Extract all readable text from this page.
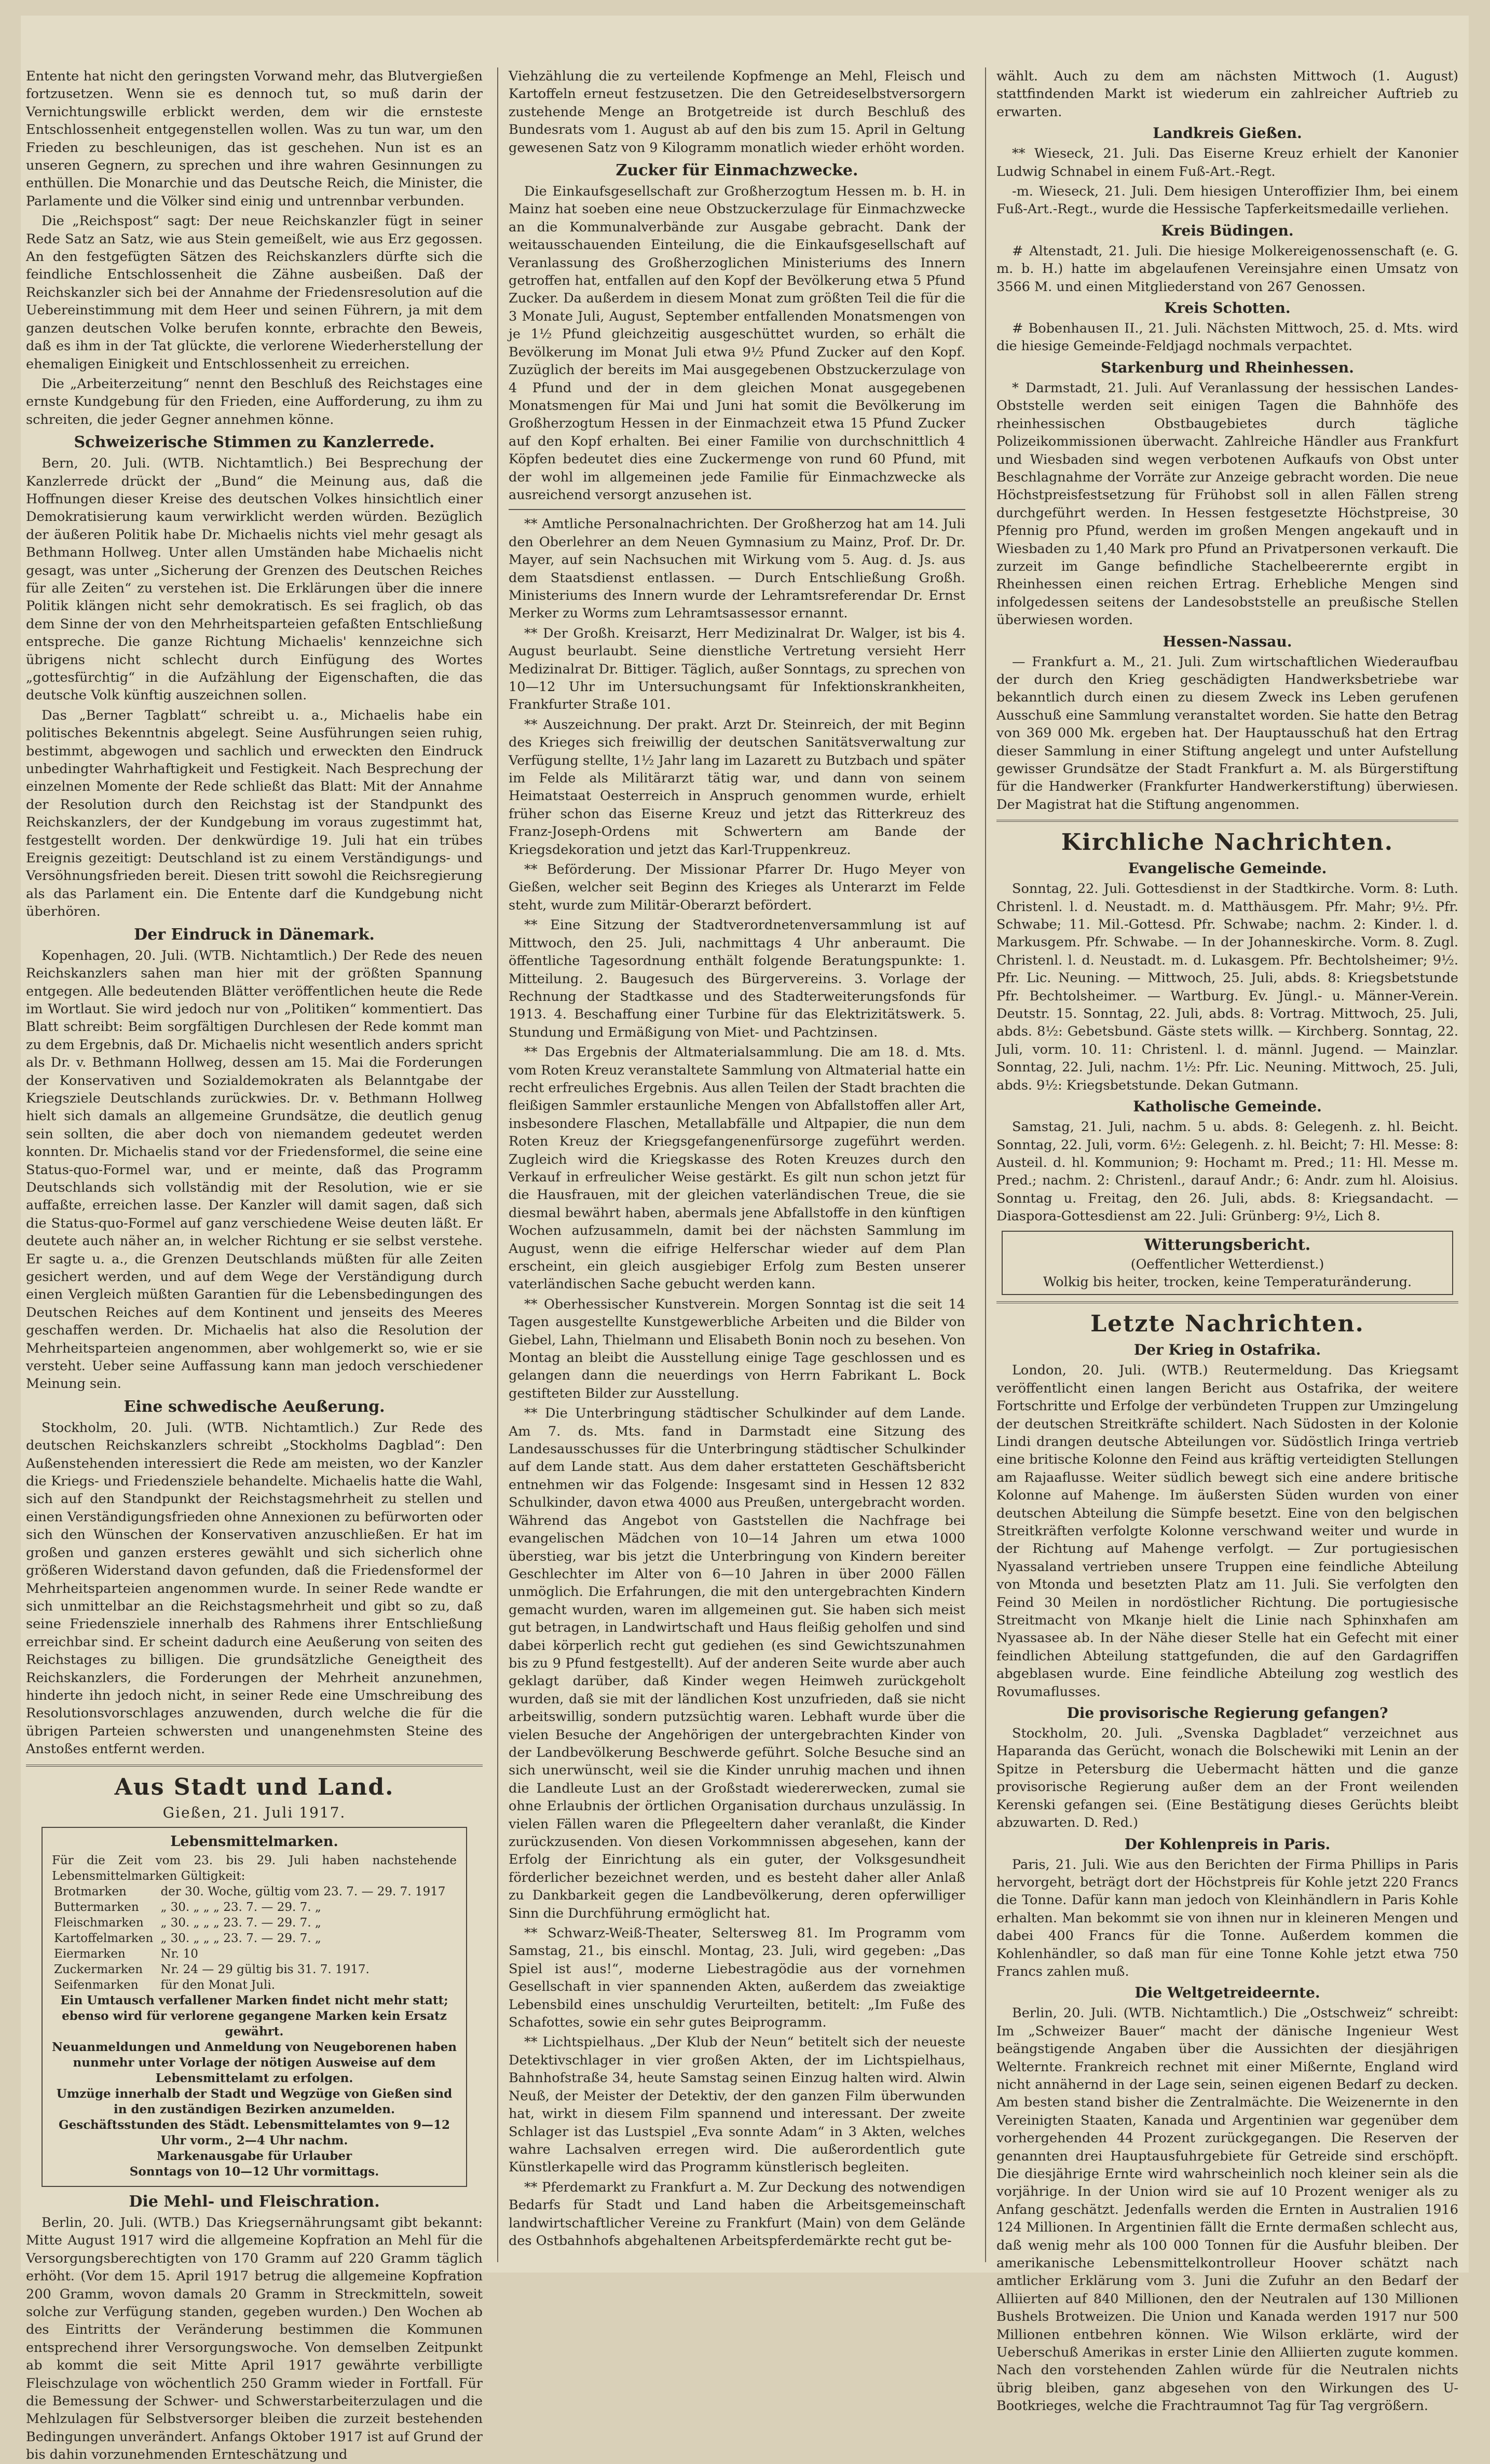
Entente hat nicht den geringsten Vorwand mehr, das Blutvergießen fortzusetzen. Wenn sie es dennoch tut, so muß darin der Vernichtungswille erblickt werden, dem wir die ernsteste Entschlossenheit entgegenstellen wollen. Was zu tun war, um den Frieden zu beschleunigen, das ist geschehen. Nun ist es an unseren Gegnern, zu sprechen und ihre wahren Gesinnungen zu enthüllen. Die Monarchie und das Deutsche Reich, die Minister, die Parlamente und die Völker sind einig und untrennbar verbunden.

Die „Reichspost“ sagt: Der neue Reichskanzler fügt in seiner Rede Satz an Satz, wie aus Stein gemeißelt, wie aus Erz gegossen. An den festgefügten Sätzen des Reichskanzlers dürfte sich die feindliche Entschlossenheit die Zähne ausbeißen. Daß der Reichskanzler sich bei der Annahme der Friedensresolution auf die Uebereinstimmung mit dem Heer und seinen Führern, ja mit dem ganzen deutschen Volke berufen konnte, erbrachte den Beweis, daß es ihm in der Tat glückte, die verlorene Wiederherstellung der ehemaligen Einigkeit und Entschlossenheit zu erreichen.

Die „Arbeiterzeitung“ nennt den Beschluß des Reichstages eine ernste Kundgebung für den Frieden, eine Aufforderung, zu ihm zu schreiten, die jeder Gegner annehmen könne.

Schweizerische Stimmen zu Kanzlerrede.

Bern, 20. Juli. (WTB. Nichtamtlich.) Bei Besprechung der Kanzlerrede drückt der „Bund“ die Meinung aus, daß die Hoffnungen dieser Kreise des deutschen Volkes hinsichtlich einer Demokratisierung kaum verwirklicht werden würden. Bezüglich der äußeren Politik habe Dr. Michaelis nichts viel mehr gesagt als Bethmann Hollweg. Unter allen Umständen habe Michaelis nicht gesagt, was unter „Sicherung der Grenzen des Deutschen Reiches für alle Zeiten“ zu verstehen ist. Die Erklärungen über die innere Politik klängen nicht sehr demokratisch. Es sei fraglich, ob das dem Sinne der von den Mehrheitsparteien gefaßten Entschließung entspreche. Die ganze Richtung Michaelis' kennzeichne sich übrigens nicht schlecht durch Einfügung des Wortes „gottesfürchtig“ in die Aufzählung der Eigenschaften, die das deutsche Volk künftig auszeichnen sollen.

Das „Berner Tagblatt“ schreibt u. a., Michaelis habe ein politisches Bekenntnis abgelegt. Seine Ausführungen seien ruhig, bestimmt, abgewogen und sachlich und erweckten den Eindruck unbedingter Wahrhaftigkeit und Festigkeit. Nach Besprechung der einzelnen Momente der Rede schließt das Blatt: Mit der Annahme der Resolution durch den Reichstag ist der Standpunkt des Reichskanzlers, der der Kundgebung im voraus zugestimmt hat, festgestellt worden. Der denkwürdige 19. Juli hat ein trübes Ereignis gezeitigt: Deutschland ist zu einem Verständigungs- und Versöhnungsfrieden bereit. Diesen tritt sowohl die Reichsregierung als das Parlament ein. Die Entente darf die Kundgebung nicht überhören.

Der Eindruck in Dänemark.

Kopenhagen, 20. Juli. (WTB. Nichtamtlich.) Der Rede des neuen Reichskanzlers sahen man hier mit der größten Spannung entgegen. Alle bedeutenden Blätter veröffentlichen heute die Rede im Wortlaut. Sie wird jedoch nur von „Politiken“ kommentiert. Das Blatt schreibt: Beim sorgfältigen Durchlesen der Rede kommt man zu dem Ergebnis, daß Dr. Michaelis nicht wesentlich anders spricht als Dr. v. Bethmann Hollweg, dessen am 15. Mai die Forderungen der Konservativen und Sozialdemokraten als Belanntgabe der Kriegsziele Deutschlands zurückwies. Dr. v. Bethmann Hollweg hielt sich damals an allgemeine Grundsätze, die deutlich genug sein sollten, die aber doch von niemandem gedeutet werden konnten. Dr. Michaelis stand vor der Friedensformel, die seine eine Status-quo-Formel war, und er meinte, daß das Programm Deutschlands sich vollständig mit der Resolution, wie er sie auffaßte, erreichen lasse. Der Kanzler will damit sagen, daß sich die Status-quo-Formel auf ganz verschiedene Weise deuten läßt. Er deutete auch näher an, in welcher Richtung er sie selbst verstehe. Er sagte u. a., die Grenzen Deutschlands müßten für alle Zeiten gesichert werden, und auf dem Wege der Verständigung durch einen Vergleich müßten Garantien für die Lebensbedingungen des Deutschen Reiches auf dem Kontinent und jenseits des Meeres geschaffen werden. Dr. Michaelis hat also die Resolution der Mehrheitsparteien angenommen, aber wohlgemerkt so, wie er sie versteht. Ueber seine Auffassung kann man jedoch verschiedener Meinung sein.

Eine schwedische Aeußerung.

Stockholm, 20. Juli. (WTB. Nichtamtlich.) Zur Rede des deutschen Reichskanzlers schreibt „Stockholms Dagblad“: Den Außenstehenden interessiert die Rede am meisten, wo der Kanzler die Kriegs- und Friedensziele behandelte. Michaelis hatte die Wahl, sich auf den Standpunkt der Reichstagsmehrheit zu stellen und einen Verständigungsfrieden ohne Annexionen zu befürworten oder sich den Wünschen der Konservativen anzuschließen. Er hat im großen und ganzen ersteres gewählt und sich sicherlich ohne größeren Widerstand davon gefunden, daß die Friedensformel der Mehrheitsparteien angenommen wurde. In seiner Rede wandte er sich unmittelbar an die Reichstagsmehrheit und gibt so zu, daß seine Friedensziele innerhalb des Rahmens ihrer Entschließung erreichbar sind. Er scheint dadurch eine Aeußerung von seiten des Reichstages zu billigen. Die grundsätzliche Geneigtheit des Reichskanzlers, die Forderungen der Mehrheit anzunehmen, hinderte ihn jedoch nicht, in seiner Rede eine Umschreibung des Resolutionsvorschlages anzuwenden, durch welche die für die übrigen Parteien schwersten und unangenehmsten Steine des Anstoßes entfernt werden.

Aus Stadt und Land.
Gießen, 21. Juli 1917.
Lebensmittelmarken.
Für die Zeit vom 23. bis 29. Juli haben nachstehende Lebensmittelmarken Gültigkeit:
Brotmarken	der 30. Woche, gültig vom 23. 7. — 29. 7. 1917
Buttermarken	„ 30. „ „ „ 23. 7. — 29. 7. „
Fleischmarken	„ 30. „ „ „ 23. 7. — 29. 7. „
Kartoffelmarken	„ 30. „ „ „ 23. 7. — 29. 7. „
Eiermarken	Nr. 10
Zuckermarken	Nr. 24 — 29 gültig bis 31. 7. 1917.
Seifenmarken	für den Monat Juli.
Ein Umtausch verfallener Marken findet nicht mehr statt; ebenso wird für verlorene gegangene Marken kein Ersatz gewährt.
Neuanmeldungen und Anmeldung von Neugeborenen haben nunmehr unter Vorlage der nötigen Ausweise auf dem Lebensmittelamt zu erfolgen.
Umzüge innerhalb der Stadt und Wegzüge von Gießen sind in den zuständigen Bezirken anzumelden.
Geschäftsstunden des Städt. Lebensmittelamtes von 9—12 Uhr vorm., 2—4 Uhr nachm.
Markenausgabe für Urlauber
Sonntags von 10—12 Uhr vormittags.
Die Mehl- und Fleischration.

Berlin, 20. Juli. (WTB.) Das Kriegsernährungsamt gibt bekannt: Mitte August 1917 wird die allgemeine Kopfration an Mehl für die Versorgungsberechtigten von 170 Gramm auf 220 Gramm täglich erhöht. (Vor dem 15. April 1917 betrug die allgemeine Kopfration 200 Gramm, wovon damals 20 Gramm in Streckmitteln, soweit solche zur Verfügung standen, gegeben wurden.) Den Wochen ab des Eintritts der Veränderung bestimmen die Kommunen entsprechend ihrer Versorgungswoche. Von demselben Zeitpunkt ab kommt die seit Mitte April 1917 gewährte verbilligte Fleischzulage von wöchentlich 250 Gramm wieder in Fortfall. Für die Bemessung der Schwer- und Schwerstarbeiterzulagen und die Mehlzulagen für Selbstversorger bleiben die zurzeit bestehenden Bedingungen unverändert. Anfangs Oktober 1917 ist auf Grund der bis dahin vorzunehmenden Ernteschätzung und

Viehzählung die zu verteilende Kopfmenge an Mehl, Fleisch und Kartoffeln erneut festzusetzen. Die den Getreideselbstversorgern zustehende Menge an Brotgetreide ist durch Beschluß des Bundesrats vom 1. August ab auf den bis zum 15. April in Geltung gewesenen Satz von 9 Kilogramm monatlich wieder erhöht worden.

Zucker für Einmachzwecke.

Die Einkaufsgesellschaft zur Großherzogtum Hessen m. b. H. in Mainz hat soeben eine neue Obstzuckerzulage für Einmachzwecke an die Kommunalverbände zur Ausgabe gebracht. Dank der weitausschauenden Einteilung, die die Einkaufsgesellschaft auf Veranlassung des Großherzoglichen Ministeriums des Innern getroffen hat, entfallen auf den Kopf der Bevölkerung etwa 5 Pfund Zucker. Da außerdem in diesem Monat zum größten Teil die für die 3 Monate Juli, August, September entfallenden Monatsmengen von je 1½ Pfund gleichzeitig ausgeschüttet wurden, so erhält die Bevölkerung im Monat Juli etwa 9½ Pfund Zucker auf den Kopf. Zuzüglich der bereits im Mai ausgegebenen Obstzuckerzulage von 4 Pfund und der in dem gleichen Monat ausgegebenen Monatsmengen für Mai und Juni hat somit die Bevölkerung im Großherzogtum Hessen in der Einmachzeit etwa 15 Pfund Zucker auf den Kopf erhalten. Bei einer Familie von durchschnittlich 4 Köpfen bedeutet dies eine Zuckermenge von rund 60 Pfund, mit der wohl im allgemeinen jede Familie für Einmachzwecke als ausreichend versorgt anzusehen ist.

** Amtliche Personalnachrichten. Der Großherzog hat am 14. Juli den Oberlehrer an dem Neuen Gymnasium zu Mainz, Prof. Dr. Dr. Mayer, auf sein Nachsuchen mit Wirkung vom 5. Aug. d. Js. aus dem Staatsdienst entlassen. — Durch Entschließung Großh. Ministeriums des Innern wurde der Lehramtsreferendar Dr. Ernst Merker zu Worms zum Lehramtsassessor ernannt.

** Der Großh. Kreisarzt, Herr Medizinalrat Dr. Walger, ist bis 4. August beurlaubt. Seine dienstliche Vertretung versieht Herr Medizinalrat Dr. Bittiger. Täglich, außer Sonntags, zu sprechen von 10—12 Uhr im Untersuchungsamt für Infektionskrankheiten, Frankfurter Straße 101.

** Auszeichnung. Der prakt. Arzt Dr. Steinreich, der mit Beginn des Krieges sich freiwillig der deutschen Sanitätsverwaltung zur Verfügung stellte, 1½ Jahr lang im Lazarett zu Butzbach und später im Felde als Militärarzt tätig war, und dann von seinem Heimatstaat Oesterreich in Anspruch genommen wurde, erhielt früher schon das Eiserne Kreuz und jetzt das Ritterkreuz des Franz-Joseph-Ordens mit Schwertern am Bande der Kriegsdekoration und jetzt das Karl-Truppenkreuz.

** Beförderung. Der Missionar Pfarrer Dr. Hugo Meyer von Gießen, welcher seit Beginn des Krieges als Unterarzt im Felde steht, wurde zum Militär-Oberarzt befördert.

** Eine Sitzung der Stadtverordnetenversammlung ist auf Mittwoch, den 25. Juli, nachmittags 4 Uhr anberaumt. Die öffentliche Tagesordnung enthält folgende Beratungspunkte: 1. Mitteilung. 2. Baugesuch des Bürgervereins. 3. Vorlage der Rechnung der Stadtkasse und des Stadterweiterungsfonds für 1913. 4. Beschaffung einer Turbine für das Elektrizitätswerk. 5. Stundung und Ermäßigung von Miet- und Pachtzinsen.

** Das Ergebnis der Altmaterialsammlung. Die am 18. d. Mts. vom Roten Kreuz veranstaltete Sammlung von Altmaterial hatte ein recht erfreuliches Ergebnis. Aus allen Teilen der Stadt brachten die fleißigen Sammler erstaunliche Mengen von Abfallstoffen aller Art, insbesondere Flaschen, Metallabfälle und Altpapier, die nun dem Roten Kreuz der Kriegsgefangenenfürsorge zugeführt werden. Zugleich wird die Kriegskasse des Roten Kreuzes durch den Verkauf in erfreulicher Weise gestärkt. Es gilt nun schon jetzt für die Hausfrauen, mit der gleichen vaterländischen Treue, die sie diesmal bewährt haben, abermals jene Abfallstoffe in den künftigen Wochen aufzusammeln, damit bei der nächsten Sammlung im August, wenn die eifrige Helferschar wieder auf dem Plan erscheint, ein gleich ausgiebiger Erfolg zum Besten unserer vaterländischen Sache gebucht werden kann.

** Oberhessischer Kunstverein. Morgen Sonntag ist die seit 14 Tagen ausgestellte Kunstgewerbliche Arbeiten und die Bilder von Giebel, Lahn, Thielmann und Elisabeth Bonin noch zu besehen. Von Montag an bleibt die Ausstellung einige Tage geschlossen und es gelangen dann die neuerdings von Herrn Fabrikant L. Bock gestifteten Bilder zur Ausstellung.

** Die Unterbringung städtischer Schulkinder auf dem Lande. Am 7. ds. Mts. fand in Darmstadt eine Sitzung des Landesausschusses für die Unterbringung städtischer Schulkinder auf dem Lande statt. Aus dem daher erstatteten Geschäftsbericht entnehmen wir das Folgende: Insgesamt sind in Hessen 12 832 Schulkinder, davon etwa 4000 aus Preußen, untergebracht worden. Während das Angebot von Gaststellen die Nachfrage bei evangelischen Mädchen von 10—14 Jahren um etwa 1000 überstieg, war bis jetzt die Unterbringung von Kindern bereiter Geschlechter im Alter von 6—10 Jahren in über 2000 Fällen unmöglich. Die Erfahrungen, die mit den untergebrachten Kindern gemacht wurden, waren im allgemeinen gut. Sie haben sich meist gut betragen, in Landwirtschaft und Haus fleißig geholfen und sind dabei körperlich recht gut gediehen (es sind Gewichtszunahmen bis zu 9 Pfund festgestellt). Auf der anderen Seite wurde aber auch geklagt darüber, daß Kinder wegen Heimweh zurückgeholt wurden, daß sie mit der ländlichen Kost unzufrieden, daß sie nicht arbeitswillig, sondern putzsüchtig waren. Lebhaft wurde über die vielen Besuche der Angehörigen der untergebrachten Kinder von der Landbevölkerung Beschwerde geführt. Solche Besuche sind an sich unerwünscht, weil sie die Kinder unruhig machen und ihnen die Landleute Lust an der Großstadt wiedererwecken, zumal sie ohne Erlaubnis der örtlichen Organisation durchaus unzulässig. In vielen Fällen waren die Pflegeeltern daher veranlaßt, die Kinder zurückzusenden. Von diesen Vorkommnissen abgesehen, kann der Erfolg der Einrichtung als ein guter, der Volksgesundheit förderlicher bezeichnet werden, und es besteht daher aller Anlaß zu Dankbarkeit gegen die Landbevölkerung, deren opferwilliger Sinn die Durchführung ermöglicht hat.

** Schwarz-Weiß-Theater, Seltersweg 81. Im Programm vom Samstag, 21., bis einschl. Montag, 23. Juli, wird gegeben: „Das Spiel ist aus!“, moderne Liebestragödie aus der vornehmen Gesellschaft in vier spannenden Akten, außerdem das zweiaktige Lebensbild eines unschuldig Verurteilten, betitelt: „Im Fuße des Schafottes, sowie ein sehr gutes Beiprogramm.

** Lichtspielhaus. „Der Klub der Neun“ betitelt sich der neueste Detektivschlager in vier großen Akten, der im Lichtspielhaus, Bahnhofstraße 34, heute Samstag seinen Einzug halten wird. Alwin Neuß, der Meister der Detektiv, der den ganzen Film überwunden hat, wirkt in diesem Film spannend und interessant. Der zweite Schlager ist das Lustspiel „Eva sonnte Adam“ in 3 Akten, welches wahre Lachsalven erregen wird. Die außerordentlich gute Künstlerkapelle wird das Programm künstlerisch begleiten.

** Pferdemarkt zu Frankfurt a. M. Zur Deckung des notwendigen Bedarfs für Stadt und Land haben die Arbeitsgemeinschaft landwirtschaftlicher Vereine zu Frankfurt (Main) von dem Gelände des Ostbahnhofs abgehaltenen Arbeitspferdemärkte recht gut be-

wählt. Auch zu dem am nächsten Mittwoch (1. August) stattfindenden Markt ist wiederum ein zahlreicher Auftrieb zu erwarten.

Landkreis Gießen.

** Wieseck, 21. Juli. Das Eiserne Kreuz erhielt der Kanonier Ludwig Schnabel in einem Fuß-Art.-Regt.

-m. Wieseck, 21. Juli. Dem hiesigen Unteroffizier Ihm, bei einem Fuß-Art.-Regt., wurde die Hessische Tapferkeitsmedaille verliehen.

Kreis Büdingen.

# Altenstadt, 21. Juli. Die hiesige Molkereigenossenschaft (e. G. m. b. H.) hatte im abgelaufenen Vereinsjahre einen Umsatz von 3566 M. und einen Mitgliederstand von 267 Genossen.

Kreis Schotten.

# Bobenhausen II., 21. Juli. Nächsten Mittwoch, 25. d. Mts. wird die hiesige Gemeinde-Feldjagd nochmals verpachtet.

Starkenburg und Rheinhessen.

* Darmstadt, 21. Juli. Auf Veranlassung der hessischen Landes-Obststelle werden seit einigen Tagen die Bahnhöfe des rheinhessischen Obstbaugebietes durch tägliche Polizeikommissionen überwacht. Zahlreiche Händler aus Frankfurt und Wiesbaden sind wegen verbotenen Aufkaufs von Obst unter Beschlagnahme der Vorräte zur Anzeige gebracht worden. Die neue Höchstpreisfestsetzung für Frühobst soll in allen Fällen streng durchgeführt werden. In Hessen festgesetzte Höchstpreise, 30 Pfennig pro Pfund, werden im großen Mengen angekauft und in Wiesbaden zu 1,40 Mark pro Pfund an Privatpersonen verkauft. Die zurzeit im Gange befindliche Stachelbeerernte ergibt in Rheinhessen einen reichen Ertrag. Erhebliche Mengen sind infolgedessen seitens der Landesobststelle an preußische Stellen überwiesen worden.

Hessen-Nassau.

— Frankfurt a. M., 21. Juli. Zum wirtschaftlichen Wiederaufbau der durch den Krieg geschädigten Handwerksbetriebe war bekanntlich durch einen zu diesem Zweck ins Leben gerufenen Ausschuß eine Sammlung veranstaltet worden. Sie hatte den Betrag von 369 000 Mk. ergeben hat. Der Hauptausschuß hat den Ertrag dieser Sammlung in einer Stiftung angelegt und unter Aufstellung gewisser Grundsätze der Stadt Frankfurt a. M. als Bürgerstiftung für die Handwerker (Frankfurter Handwerkerstiftung) überwiesen. Der Magistrat hat die Stiftung angenommen.

Kirchliche Nachrichten.
Evangelische Gemeinde.

Sonntag, 22. Juli. Gottesdienst in der Stadtkirche. Vorm. 8: Luth. Christenl. l. d. Neustadt. m. d. Matthäusgem. Pfr. Mahr; 9½. Pfr. Schwabe; 11. Mil.-Gottesd. Pfr. Schwabe; nachm. 2: Kinder. l. d. Markusgem. Pfr. Schwabe. — In der Johanneskirche. Vorm. 8. Zugl. Christenl. l. d. Neustadt. m. d. Lukasgem. Pfr. Bechtolsheimer; 9½. Pfr. Lic. Neuning. — Mittwoch, 25. Juli, abds. 8: Kriegsbetstunde Pfr. Bechtolsheimer. — Wartburg. Ev. Jüngl.- u. Männer-Verein. Deutstr. 15. Sonntag, 22. Juli, abds. 8: Vortrag. Mittwoch, 25. Juli, abds. 8½: Gebetsbund. Gäste stets willk. — Kirchberg. Sonntag, 22. Juli, vorm. 10. 11: Christenl. l. d. männl. Jugend. — Mainzlar. Sonntag, 22. Juli, nachm. 1½: Pfr. Lic. Neuning. Mittwoch, 25. Juli, abds. 9½: Kriegsbetstunde. Dekan Gutmann.

Katholische Gemeinde.

Samstag, 21. Juli, nachm. 5 u. abds. 8: Gelegenh. z. hl. Beicht. Sonntag, 22. Juli, vorm. 6½: Gelegenh. z. hl. Beicht; 7: Hl. Messe: 8: Austeil. d. hl. Kommunion; 9: Hochamt m. Pred.; 11: Hl. Messe m. Pred.; nachm. 2: Christenl., darauf Andr.; 6: Andr. zum hl. Aloisius. Sonntag u. Freitag, den 26. Juli, abds. 8: Kriegsandacht. — Diaspora-Gottesdienst am 22. Juli: Grünberg: 9½, Lich 8.

Witterungsbericht.
(Oeffentlicher Wetterdienst.)
Wolkig bis heiter, trocken, keine Temperaturänderung.
Letzte Nachrichten.
Der Krieg in Ostafrika.

London, 20. Juli. (WTB.) Reutermeldung. Das Kriegsamt veröffentlicht einen langen Bericht aus Ostafrika, der weitere Fortschritte und Erfolge der verbündeten Truppen zur Umzingelung der deutschen Streitkräfte schildert. Nach Südosten in der Kolonie Lindi drangen deutsche Abteilungen vor. Südöstlich Iringa vertrieb eine britische Kolonne den Feind aus kräftig verteidigten Stellungen am Rajaaflusse. Weiter südlich bewegt sich eine andere britische Kolonne auf Mahenge. Im äußersten Süden wurden von einer deutschen Abteilung die Sümpfe besetzt. Eine von den belgischen Streitkräften verfolgte Kolonne verschwand weiter und wurde in der Richtung auf Mahenge verfolgt. — Zur portugiesischen Nyassaland vertrieben unsere Truppen eine feindliche Abteilung von Mtonda und besetzten Platz am 11. Juli. Sie verfolgten den Feind 30 Meilen in nordöstlicher Richtung. Die portugiesische Streitmacht von Mkanje hielt die Linie nach Sphinxhafen am Nyassasee ab. In der Nähe dieser Stelle hat ein Gefecht mit einer feindlichen Abteilung stattgefunden, die auf den Gardagriffen abgeblasen wurde. Eine feindliche Abteilung zog westlich des Rovumaflusses.

Die provisorische Regierung gefangen?

Stockholm, 20. Juli. „Svenska Dagbladet“ verzeichnet aus Haparanda das Gerücht, wonach die Bolschewiki mit Lenin an der Spitze in Petersburg die Uebermacht hätten und die ganze provisorische Regierung außer dem an der Front weilenden Kerenski gefangen sei. (Eine Bestätigung dieses Gerüchts bleibt abzuwarten. D. Red.)

Der Kohlenpreis in Paris.

Paris, 21. Juli. Wie aus den Berichten der Firma Phillips in Paris hervorgeht, beträgt dort der Höchstpreis für Kohle jetzt 220 Francs die Tonne. Dafür kann man jedoch von Kleinhändlern in Paris Kohle erhalten. Man bekommt sie von ihnen nur in kleineren Mengen und dabei 400 Francs für die Tonne. Außerdem kommen die Kohlenhändler, so daß man für eine Tonne Kohle jetzt etwa 750 Francs zahlen muß.

Die Weltgetreideernte.

Berlin, 20. Juli. (WTB. Nichtamtlich.) Die „Ostschweiz“ schreibt: Im „Schweizer Bauer“ macht der dänische Ingenieur West beängstigende Angaben über die Aussichten der diesjährigen Welternte. Frankreich rechnet mit einer Mißernte, England wird nicht annähernd in der Lage sein, seinen eigenen Bedarf zu decken. Am besten stand bisher die Zentralmächte. Die Weizenernte in den Vereinigten Staaten, Kanada und Argentinien war gegenüber dem vorhergehenden 44 Prozent zurückgegangen. Die Reserven der genannten drei Hauptausfuhrgebiete für Getreide sind erschöpft. Die diesjährige Ernte wird wahrscheinlich noch kleiner sein als die vorjährige. In der Union wird sie auf 10 Prozent weniger als zu Anfang geschätzt. Jedenfalls werden die Ernten in Australien 1916 124 Millionen. In Argentinien fällt die Ernte dermaßen schlecht aus, daß wenig mehr als 100 000 Tonnen für die Ausfuhr bleiben. Der amerikanische Lebensmittelkontrolleur Hoover schätzt nach amtlicher Erklärung vom 3. Juni die Zufuhr an den Bedarf der Alliierten auf 840 Millionen, den der Neutralen auf 130 Millionen Bushels Brotweizen. Die Union und Kanada werden 1917 nur 500 Millionen entbehren können. Wie Wilson erklärte, wird der Ueberschuß Amerikas in erster Linie den Alliierten zugute kommen. Nach den vorstehenden Zahlen würde für die Neutralen nichts übrig bleiben, ganz abgesehen von den Wirkungen des U-Bootkrieges, welche die Frachtraumnot Tag für Tag vergrößern.
